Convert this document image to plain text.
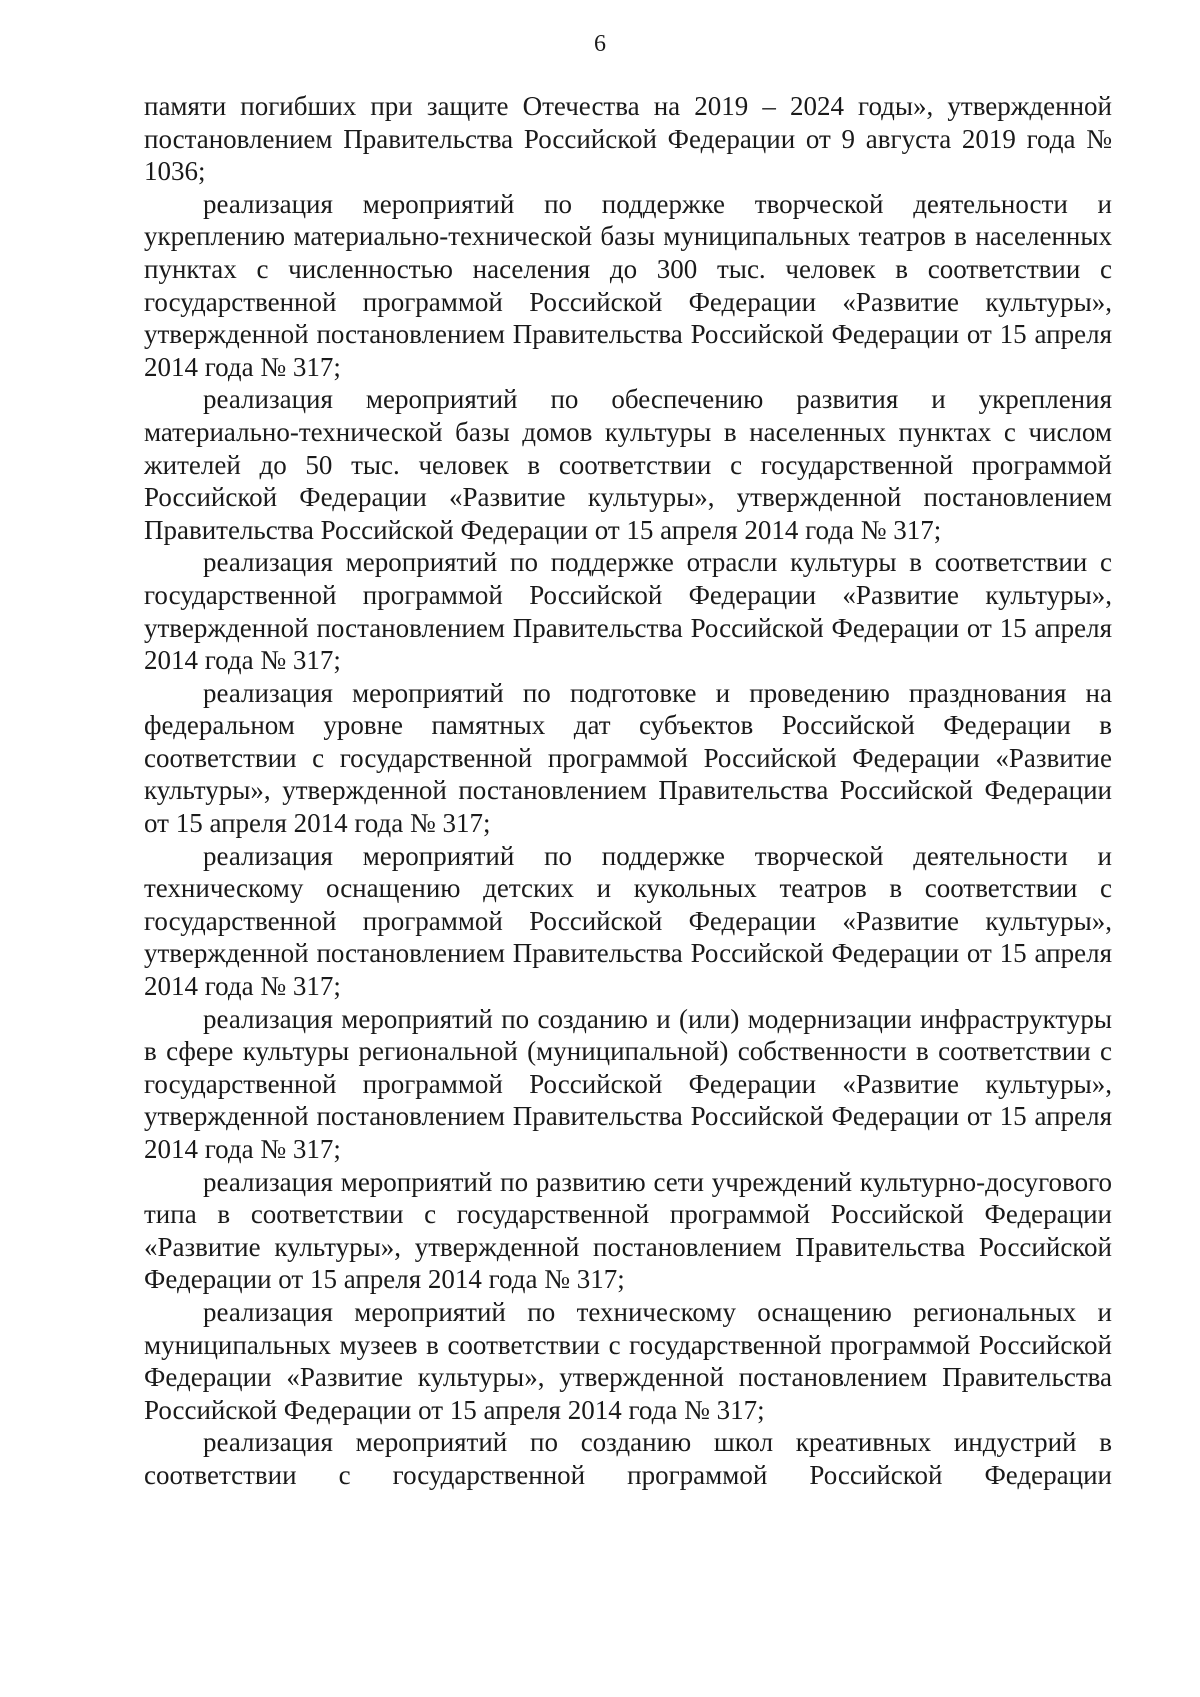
6

памяти погибших при защите Отечества на 2019 – 2024 годы», утвержденной постановлением Правительства Российской Федерации от 9 августа 2019 года № 1036;

реализация мероприятий по поддержке творческой деятельности и укреплению материально-технической базы муниципальных театров в населенных пунктах с численностью населения до 300 тыс. человек в соответствии с государственной программой Российской Федерации «Развитие культуры», утвержденной постановлением Правительства Российской Федерации от 15 апреля 2014 года № 317;

реализация мероприятий по обеспечению развития и укрепления материально-технической базы домов культуры в населенных пунктах с числом жителей до 50 тыс. человек в соответствии с государственной программой Российской Федерации «Развитие культуры», утвержденной постановлением Правительства Российской Федерации от 15 апреля 2014 года № 317;

реализация мероприятий по поддержке отрасли культуры в соответствии с государственной программой Российской Федерации «Развитие культуры», утвержденной постановлением Правительства Российской Федерации от 15 апреля 2014 года № 317;

реализация мероприятий по подготовке и проведению празднования на федеральном уровне памятных дат субъектов Российской Федерации в соответствии с государственной программой Российской Федерации «Развитие культуры», утвержденной постановлением Правительства Российской Федерации от 15 апреля 2014 года № 317;

реализация мероприятий по поддержке творческой деятельности и техническому оснащению детских и кукольных театров в соответствии с государственной программой Российской Федерации «Развитие культуры», утвержденной постановлением Правительства Российской Федерации от 15 апреля 2014 года № 317;

реализация мероприятий по созданию и (или) модернизации инфраструктуры в сфере культуры региональной (муниципальной) собственности в соответствии с государственной программой Российской Федерации «Развитие культуры», утвержденной постановлением Правительства Российской Федерации от 15 апреля 2014 года № 317;

реализация мероприятий по развитию сети учреждений культурно-досугового типа в соответствии с государственной программой Российской Федерации «Развитие культуры», утвержденной постановлением Правительства Российской Федерации от 15 апреля 2014 года № 317;

реализация мероприятий по техническому оснащению региональных и муниципальных музеев в соответствии с государственной программой Российской Федерации «Развитие культуры», утвержденной постановлением Правительства Российской Федерации от 15 апреля 2014 года № 317;

реализация мероприятий по созданию школ креативных индустрий в соответствии с государственной программой Российской Федерации
